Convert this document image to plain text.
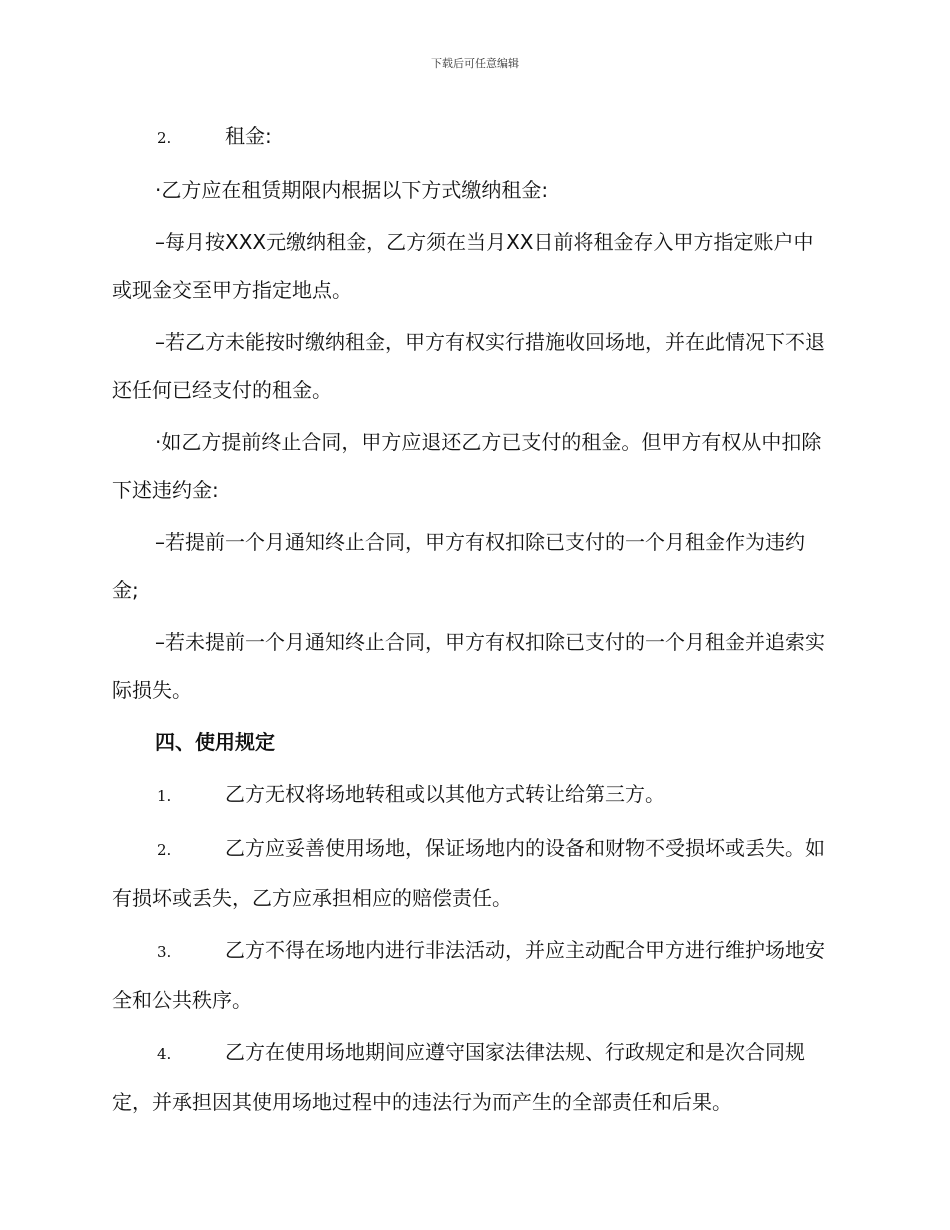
下载后可任意编辑

2.	租金:

·乙方应在租赁期限内根据以下方式缴纳租金:

–每月按XXX元缴纳租金，乙方须在当月XX日前将租金存入甲方指定账户中或现金交至甲方指定地点。

–若乙方未能按时缴纳租金，甲方有权实行措施收回场地，并在此情况下不退还任何已经支付的租金。

·如乙方提前终止合同，甲方应退还乙方已支付的租金。但甲方有权从中扣除下述违约金:

–若提前一个月通知终止合同，甲方有权扣除已支付的一个月租金作为违约金;

–若未提前一个月通知终止合同，甲方有权扣除已支付的一个月租金并追索实际损失。

四、使用规定

1.	乙方无权将场地转租或以其他方式转让给第三方。

2.	乙方应妥善使用场地，保证场地内的设备和财物不受损坏或丢失。如有损坏或丢失，乙方应承担相应的赔偿责任。

3.	乙方不得在场地内进行非法活动，并应主动配合甲方进行维护场地安全和公共秩序。

4.	乙方在使用场地期间应遵守国家法律法规、行政规定和是次合同规定，并承担因其使用场地过程中的违法行为而产生的全部责任和后果。
